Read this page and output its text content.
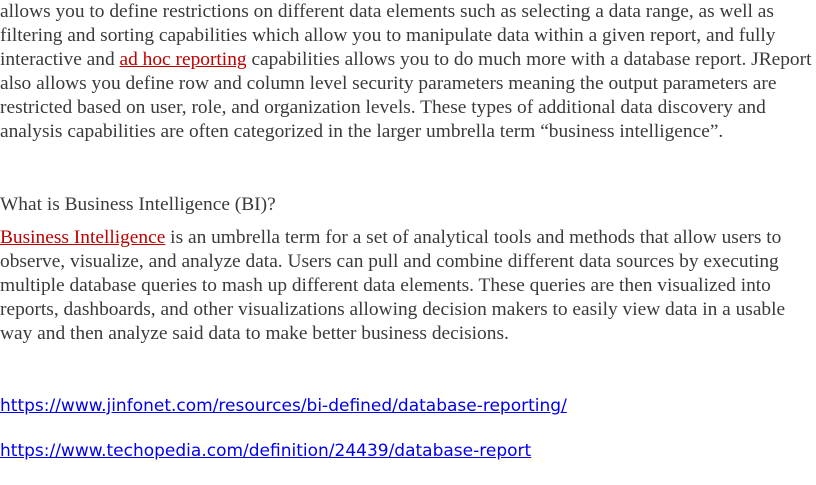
allows you to define restrictions on different data elements such as selecting a data range, as well as filtering and sorting capabilities which allow you to manipulate data within a given report, and fully interactive and ad hoc reporting capabilities allows you to do much more with a database report. JReport also allows you define row and column level security parameters meaning the output parameters are restricted based on user, role, and organization levels. These types of additional data discovery and analysis capabilities are often categorized in the larger umbrella term “business intelligence”.

What is Business Intelligence (BI)?

Business Intelligence is an umbrella term for a set of analytical tools and methods that allow users to observe, visualize, and analyze data. Users can pull and combine different data sources by executing multiple database queries to mash up different data elements. These queries are then visualized into reports, dashboards, and other visualizations allowing decision makers to easily view data in a usable way and then analyze said data to make better business decisions.

https://www.jinfonet.com/resources/bi-defined/database-reporting/
https://www.techopedia.com/definition/24439/database-report
